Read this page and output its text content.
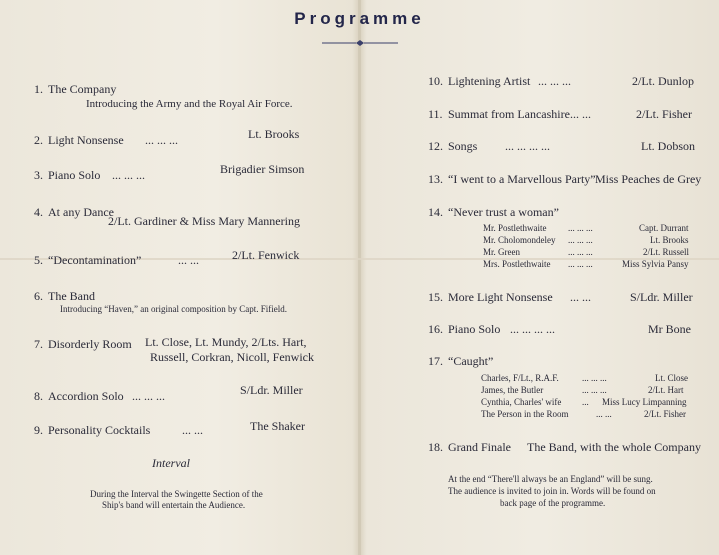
Programme
1. The Company
Introducing the Army and the Royal Air Force.
2. Light Nonsense ... ... ...	Lt. Brooks
3. Piano Solo ... ... ...	Brigadier Simson
4. At any Dance
2/Lt. Gardiner & Miss Mary Mannering
5. “Decontamination”	... ...	2/Lt. Fenwick
6. The Band
Introducing “Haven,” an original composition by Capt. Fifield.
7. Disorderly Room Lt. Close, Lt. Mundy, 2/Lts. Hart,
Russell, Corkran, Nicoll, Fenwick
8. Accordion Solo ... ... ...	S/Ldr. Miller
9. Personality Cocktails	... ...	The Shaker
Interval
During the Interval the Swingette Section of the
Ship's band will entertain the Audience.
10. Lightening Artist ... ... ...	2/Lt. Dunlop
11. Summat from Lancashire ... ...	2/Lt. Fisher
12. Songs ... ... ... ...	Lt. Dobson
13. “I went to a Marvellous Party” Miss Peaches de Grey
14. “Never trust a woman”
Mr. Postlethwaite ... ... ...	Capt. Durrant
Mr. Cholomondeley ... ... ...	Lt. Brooks
Mr. Green	... ... ...	2/Lt. Russell
Mrs. Postlethwaite ... ... ...	Miss Sylvia Pansy
15. More Light Nonsense ... ...	S/Ldr. Miller
16. Piano Solo ... ... ... ...	Mr Bone
17. “Caught”
Charles, F/Lt., R.A.F.	... ... ...	Lt. Close
James, the Butler	... ... ...	2/Lt. Hart
Cynthia, Charles' wife ... Miss Lucy Limpanning
The Person in the Room	... ...	2/Lt. Fisher
18. Grand Finale The Band, with the whole Company
At the end “There'll always be an England” will be sung.
The audience is invited to join in. Words will be found on
back page of the programme.
